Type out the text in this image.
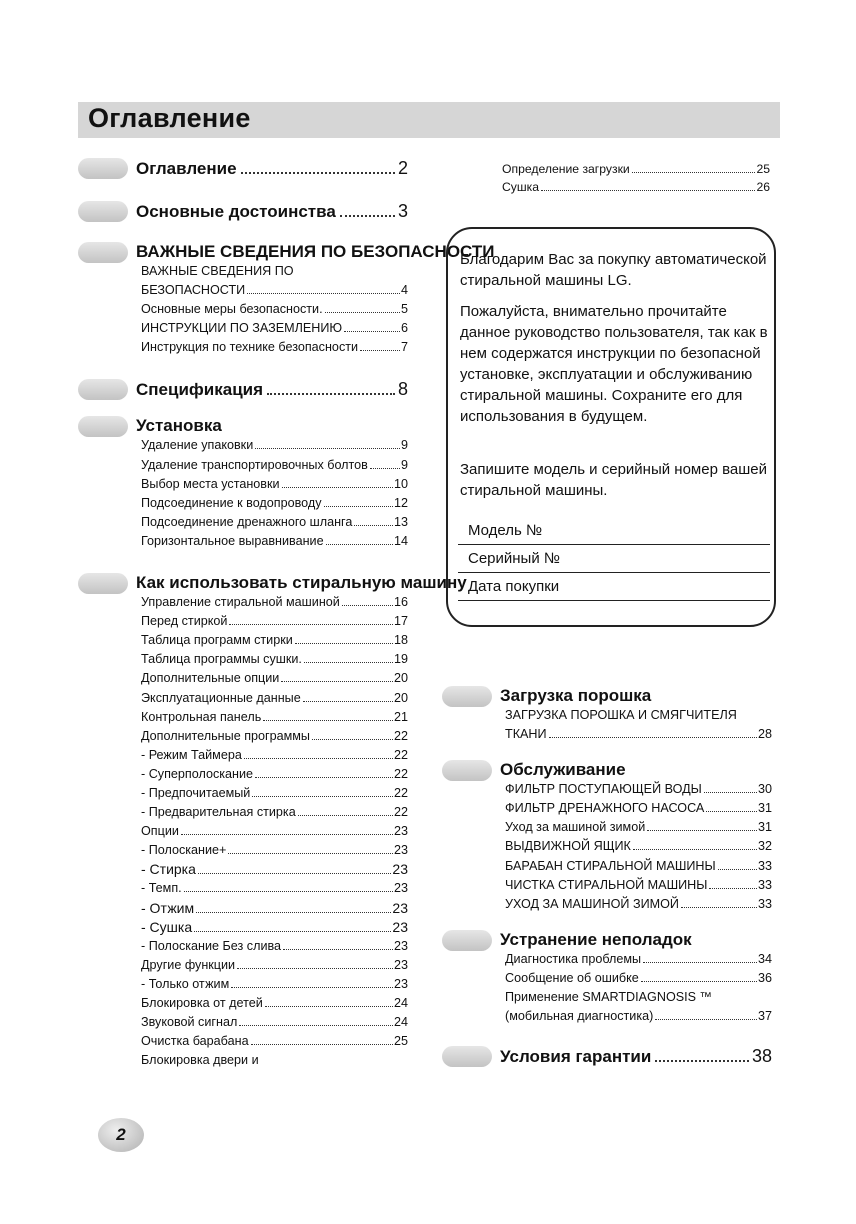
Оглавление
Оглавление	2
Основные достоинства	3
ВАЖНЫЕ СВЕДЕНИЯ ПО БЕЗОПАСНОСТИ
ВАЖНЫЕ СВЕДЕНИЯ ПО
БЕЗОПАСНОСТИ	4
Основные меры безопасности.	5
ИНСТРУКЦИИ ПО ЗАЗЕМЛЕНИЮ	6
Инструкция по технике безопасности	7
Спецификация	8
Установка
Удаление упаковки	9
Удаление транспортировочных болтов	9
Выбор места установки	10
Подсоединение к водопроводу	12
Подсоединение дренажного шланга	13
Горизонтальное выравнивание	14
Как использовать стиральную машину
Управление стиральной машиной	16
Перед стиркой	17
Таблица программ стирки	18
Таблица программы сушки.	19
Дополнительные опции	20
Эксплуатационные данные	20
Контрольная панель	21
Дополнительные программы	22
- Режим Таймера	22
- Суперполоскание	22
- Предпочитаемый	22
- Предварительная стирка	22
Опции	23
- Полоскание+	23
- Стирка	23
- Темп.	23
- Отжим	23
- Сушка	23
- Полоскание Без слива	23
Другие функции	23
- Только отжим	23
Блокировка от детей	24
Звуковой сигнал	24
Очистка барабана	25
Блокировка двери и
Определение загрузки	25
Сушка	26

Благодарим Вас за покупку автоматической стиральной машины LG.

Пожалуйста, внимательно прочитайте данное руководство пользователя, так как в нем содержатся инструкции по безопасной установке, эксплуатации и обслуживанию стиральной машины. Сохраните его для использования в будущем.

Запишите модель и серийный номер вашей стиральной машины.

Модель №
Серийный №
Дата покупки
Загрузка порошка
ЗАГРУЗКА ПОРОШКА И СМЯГЧИТЕЛЯ
ТКАНИ	28
Обслуживание
ФИЛЬТР ПОСТУПАЮЩЕЙ ВОДЫ	30
ФИЛЬТР ДРЕНАЖНОГО НАСОСА	31
Уход за машиной зимой	31
ВЫДВИЖНОЙ ЯЩИК	32
БАРАБАН СТИРАЛЬНОЙ МАШИНЫ	33
ЧИСТКА СТИРАЛЬНОЙ МАШИНЫ	33
УХОД ЗА МАШИНОЙ ЗИМОЙ	33
Устранение неполадок
Диагностика проблемы	34
Сообщение об ошибке	36
Применение SMARTDIAGNOSIS ™
(мобильная диагностика)	37
Условия гарантии	38
2
